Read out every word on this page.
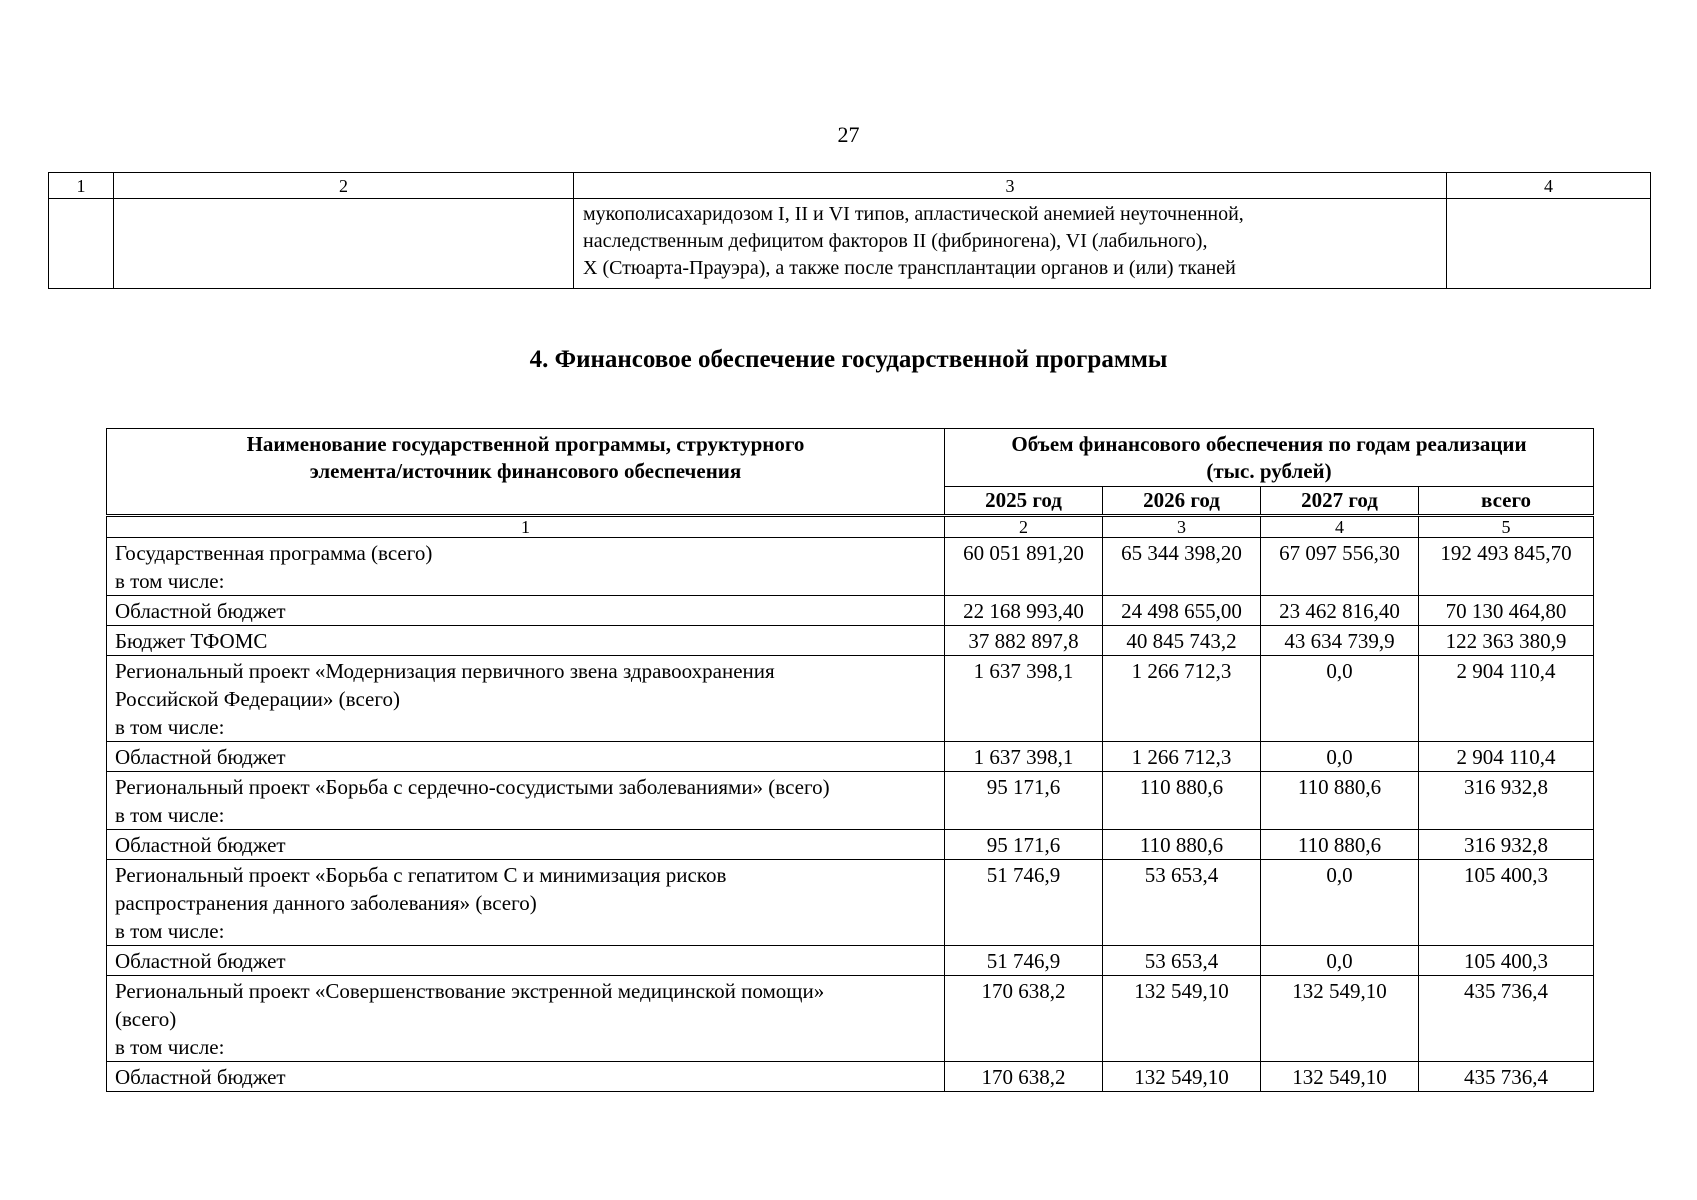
27
1	2	3	4

		мукополисахаридозом I, II и VI типов, апластической анемией неуточненной,
наследственным дефицитом факторов II (фибриногена), VI (лабильного),
X (Стюарта-Прауэра), а также после трансплантации органов и (или) тканей	

4. Финансовое обеспечение государственной программы
Наименование государственной программы, структурного
элемента/источник финансового обеспечения	Объем финансового обеспечения по годам реализации
(тыс. рублей)			

	2025 год	2026 год	2027 год	всего
1	2	3	4	5

Государственная программа (всего)
в том числе:	60 051 891,20	65 344 398,20	67 097 556,30	192 493 845,70

Областной бюджет	22 168 993,40	24 498 655,00	23 462 816,40	70 130 464,80

Бюджет ТФОМС	37 882 897,8	40 845 743,2	43 634 739,9	122 363 380,9

Региональный проект «Модернизация первичного звена здравоохранения
Российской Федерации» (всего)
в том числе:	1 637 398,1	1 266 712,3	0,0	2 904 110,4

Областной бюджет	1 637 398,1	1 266 712,3	0,0	2 904 110,4

Региональный проект «Борьба с сердечно-сосудистыми заболеваниями» (всего)
в том числе:	95 171,6	110 880,6	110 880,6	316 932,8

Областной бюджет	95 171,6	110 880,6	110 880,6	316 932,8

Региональный проект «Борьба с гепатитом С и минимизация рисков
распространения данного заболевания» (всего)
в том числе:	51 746,9	53 653,4	0,0	105 400,3

Областной бюджет	51 746,9	53 653,4	0,0	105 400,3

Региональный проект «Совершенствование экстренной медицинской помощи»
(всего)
в том числе:	170 638,2	132 549,10	132 549,10	435 736,4

Областной бюджет	170 638,2	132 549,10	132 549,10	435 736,4
